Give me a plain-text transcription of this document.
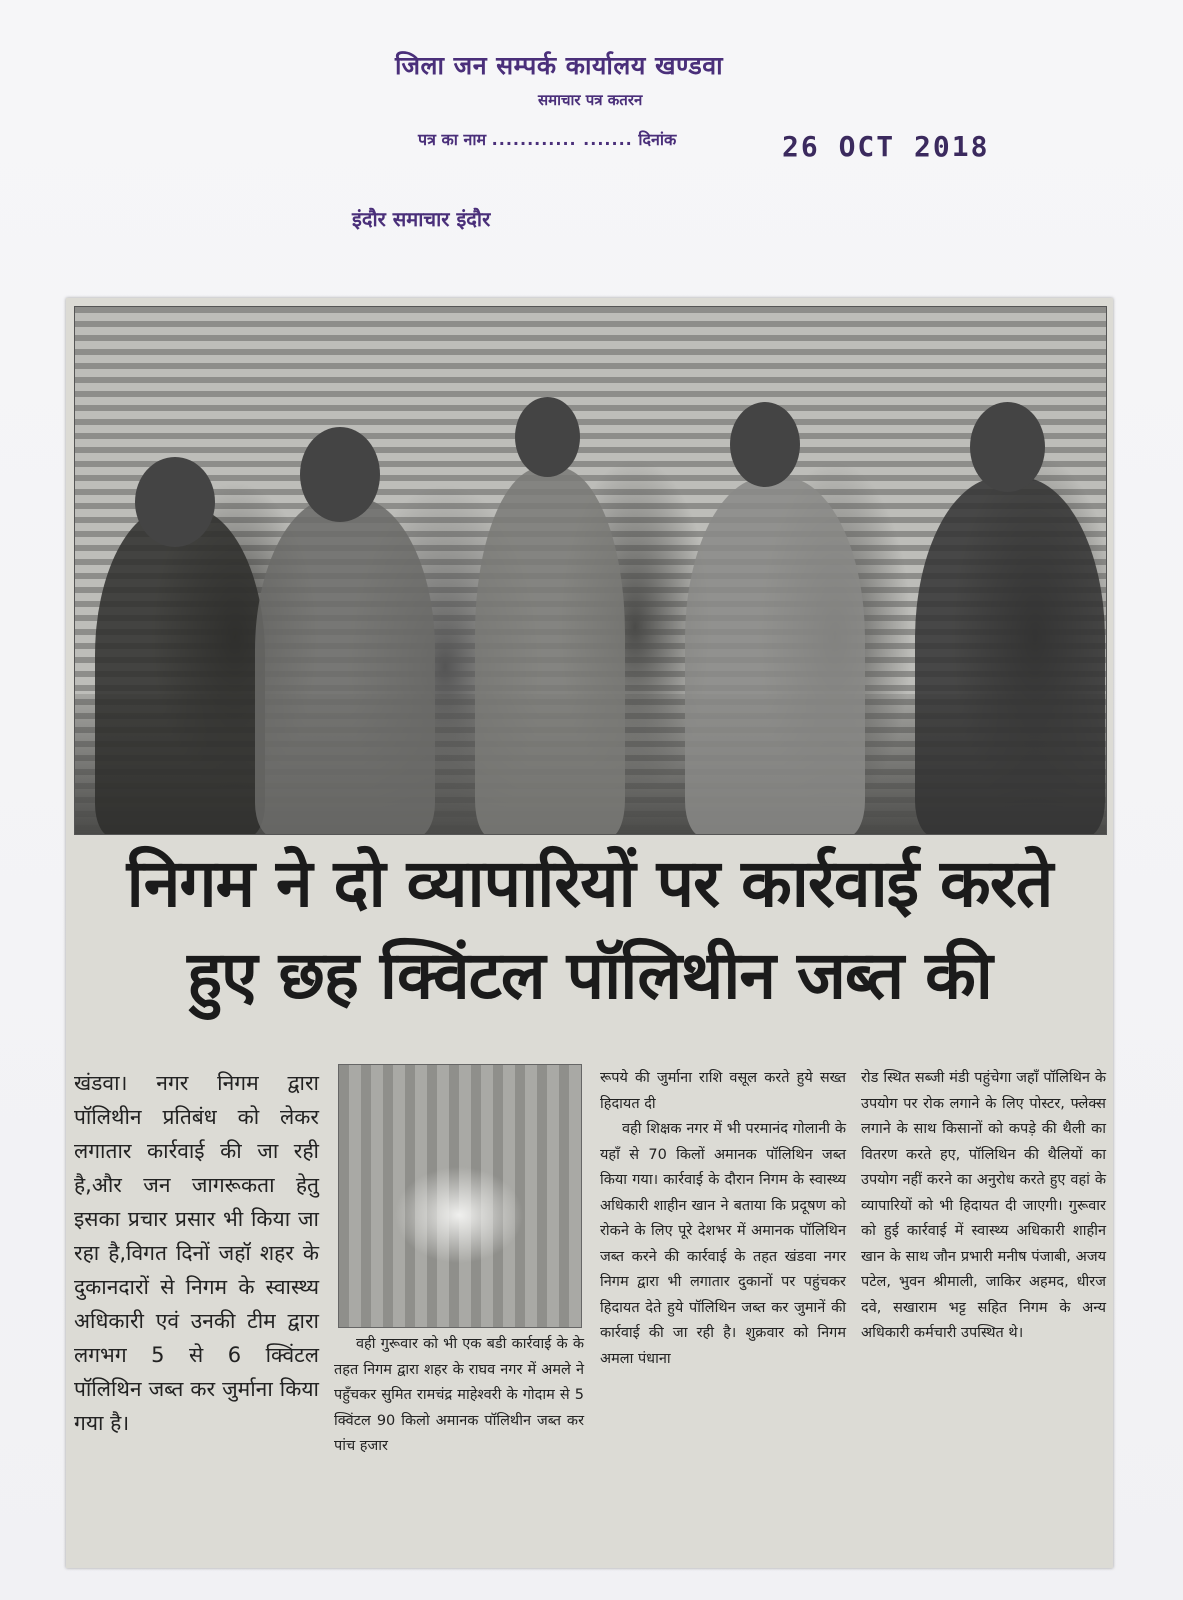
जिला जन सम्पर्क कार्यालय खण्डवा
समाचार पत्र कतरन
पत्र का नाम ............ ....... दिनांक	26 OCT 2018
इंदौर समाचार इंदौर
निगम ने दो व्यापारियों पर कार्रवाई करते
हुए छह क्विंटल पॉलिथीन जब्त की
खंडवा। नगर निगम द्वारा पॉलिथीन प्रतिबंध को लेकर लगातार कार्रवाई की जा रही है,और जन जागरूकता हेतु इसका प्रचार प्रसार भी किया जा रहा है,विगत दिनों जहॉ शहर के दुकानदारों से निगम के स्वास्थ्य अधिकारी एवं उनकी टीम द्वारा लगभग 5 से 6 क्विंटल पॉलिथिन जब्त कर जुर्माना किया गया है।
वही गुरूवार को भी एक बडी कार्रवाई के के तहत निगम द्वारा शहर के राघव नगर में अमले ने पहुँचकर सुमित रामचंद्र माहेश्वरी के गोदाम से 5 क्विंटल 90 किलो अमानक पॉलिथीन जब्त कर पांच हजार
रूपये की जुर्माना राशि वसूल करते हुये सख्त हिदायत दी
वही शिक्षक नगर में भी परमानंद गोलानी के यहाँ से 70 किलों अमानक पॉलिथिन जब्त किया गया। कार्रवाई के दौरान निगम के स्वास्थ्य अधिकारी शाहीन खान ने बताया कि प्रदूषण को रोकने के लिए पूरे देशभर में अमानक पॉलिथिन जब्त करने की कार्रवाई के तहत खंडवा नगर निगम द्वारा भी लगातार दुकानों पर पहुंचकर हिदायत देते हुये पॉलिथिन जब्त कर जुमानें की कार्रवाई की जा रही है। शुक्रवार को निगम अमला पंधाना
रोड स्थित सब्जी मंडी पहुंचेगा जहाँ पॉलिथिन के उपयोग पर रोक लगाने के लिए पोस्टर, फ्लेक्स लगाने के साथ किसानों को कपड़े की थैली का वितरण करते हए, पॉलिथिन की थैलियों का उपयोग नहीं करने का अनुरोध करते हुए वहां के व्यापारियों को भी हिदायत दी जाएगी। गुरूवार को हुई कार्रवाई में स्वास्थ्य अधिकारी शाहीन खान के साथ जौन प्रभारी मनीष पंजाबी, अजय पटेल, भुवन श्रीमाली, जाकिर अहमद, धीरज दवे, सखाराम भट्ट सहित निगम के अन्य अधिकारी कर्मचारी उपस्थित थे।
